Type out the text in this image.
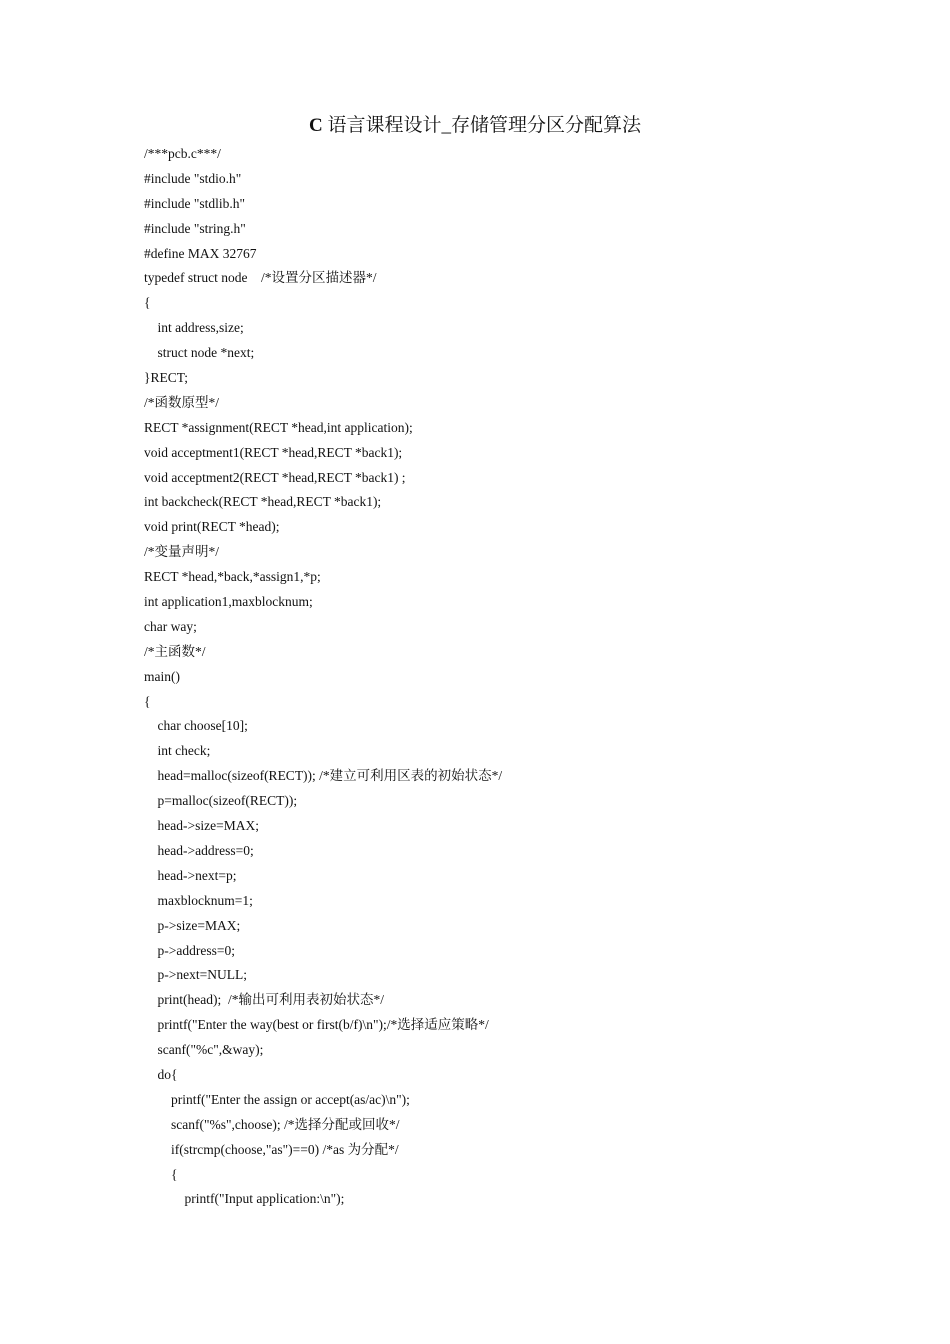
C 语言课程设计_存储管理分区分配算法
/***pcb.c***/
#include "stdio.h"
#include "stdlib.h"
#include "string.h"
#define MAX 32767
typedef struct node    /*设置分区描述器*/
{
int address,size;
struct node *next;
}RECT;
/*函数原型*/
RECT *assignment(RECT *head,int application);
void acceptment1(RECT *head,RECT *back1);
void acceptment2(RECT *head,RECT *back1) ;
int backcheck(RECT *head,RECT *back1);
void print(RECT *head);
/*变量声明*/
RECT *head,*back,*assign1,*p;
int application1,maxblocknum;
char way;
/*主函数*/
main()
{
char choose[10];
int check;
head=malloc(sizeof(RECT)); /*建立可利用区表的初始状态*/
p=malloc(sizeof(RECT));
head->size=MAX;
head->address=0;
head->next=p;
maxblocknum=1;
p->size=MAX;
p->address=0;
p->next=NULL;
print(head);  /*输出可利用表初始状态*/
printf("Enter the way(best or first(b/f)\n");/*选择适应策略*/
scanf("%c",&way);
do{
printf("Enter the assign or accept(as/ac)\n");
scanf("%s",choose); /*选择分配或回收*/
if(strcmp(choose,"as")==0) /*as 为分配*/
{
printf("Input application:\n");
